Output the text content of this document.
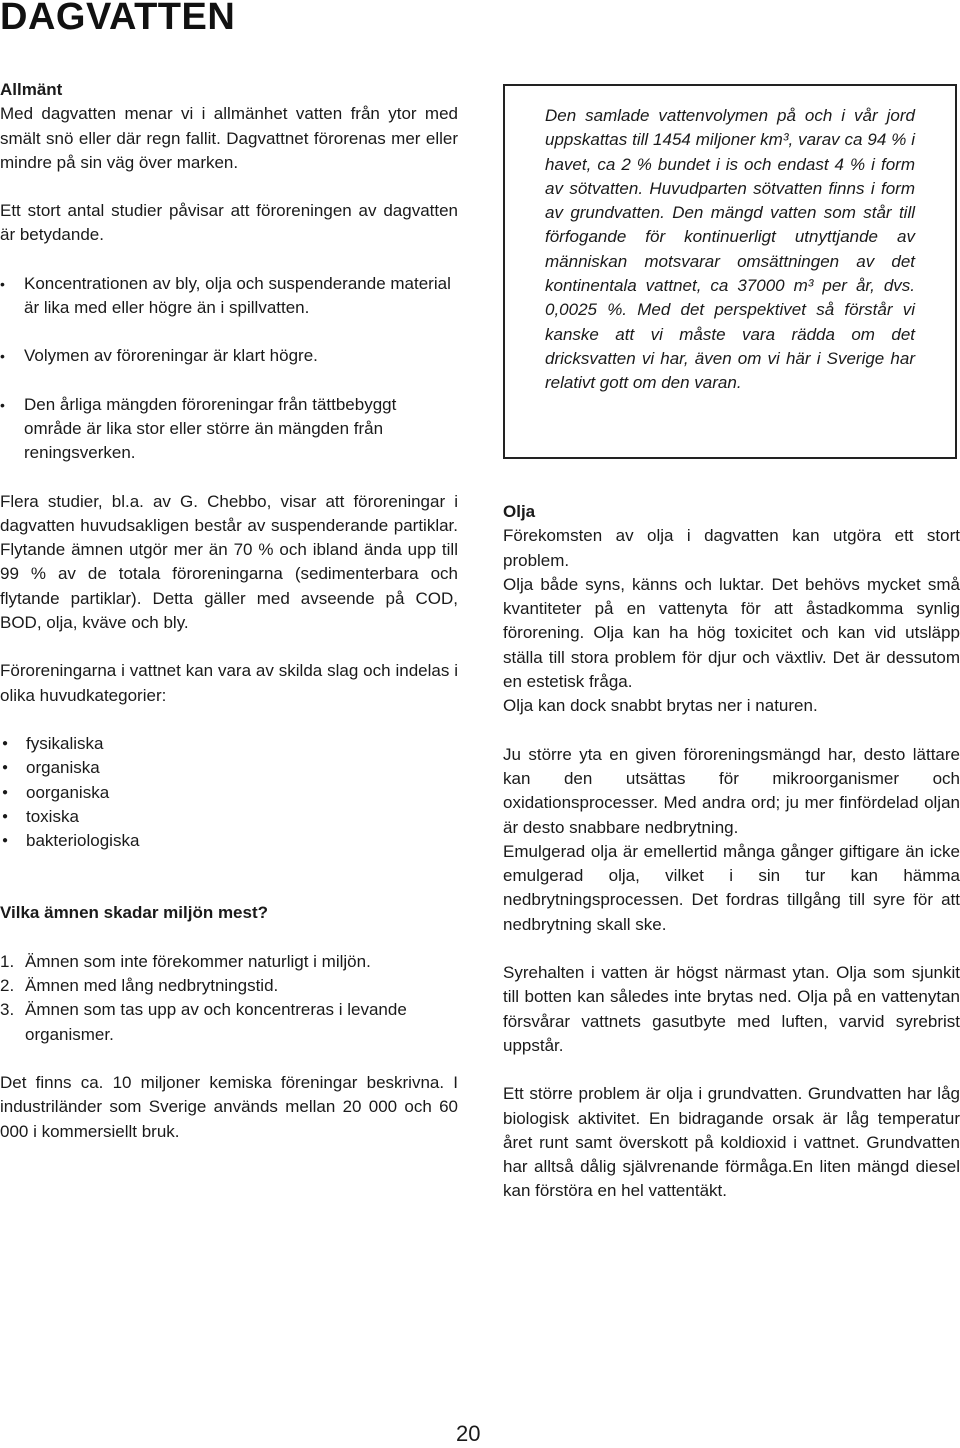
DAGVATTEN

Allmänt

Med dagvatten menar vi i allmänhet vatten från ytor med smält snö eller där regn fallit. Dagvattnet förorenas mer eller mindre på sin väg över marken.

Ett stort antal studier påvisar att föroreningen av dagvatten är betydande.

• Koncentrationen av bly, olja och suspenderande material är lika med eller högre än i spillvatten.
• Volymen av föroreningar är klart högre.
• Den årliga mängden föroreningar från tättbebyggt område är lika stor eller större än mängden från reningsverken.

Flera studier, bl.a. av G. Chebbo, visar att föroreningar i dagvatten huvudsakligen består av suspenderande partiklar. Flytande ämnen utgör mer än 70 % och ibland ända upp till 99 % av de totala föroreningarna (sedimenterbara och flytande partiklar). Detta gäller med avseende på COD, BOD, olja, kväve och bly.

Föroreningarna i vattnet kan vara av skilda slag och indelas i olika huvudkategorier:

● fysikaliska
● organiska
● oorganiska
● toxiska
● bakteriologiska

Vilka ämnen skadar miljön mest?

1. Ämnen som inte förekommer naturligt i miljön.
2. Ämnen med lång nedbrytningstid.
3. Ämnen som tas upp av och koncentreras i levande organismer.

Det finns ca. 10 miljoner kemiska föreningar beskrivna. I industriländer som Sverige används mellan 20 000 och 60 000 i kommersiellt bruk.

Den samlade vattenvolymen på och i vår jord uppskattas till 1454 miljoner km³, varav ca 94 % i havet, ca 2 % bundet i is och endast 4 % i form av sötvatten. Huvudparten sötvatten finns i form av grundvatten. Den mängd vatten som står till förfogande för kontinuerligt utnyttjande av människan motsvarar omsättningen av det kontinentala vattnet, ca 37000 m³ per år, dvs. 0,0025 %. Med det perspektivet så förstår vi kanske att vi måste vara rädda om det dricksvatten vi har, även om vi här i Sverige har relativt gott om den varan.

Olja

Förekomsten av olja i dagvatten kan utgöra ett stort problem.

Olja både syns, känns och luktar. Det behövs mycket små kvantiteter på en vattenyta för att åstadkomma synlig förorening. Olja kan ha hög toxicitet och kan vid utsläpp ställa till stora problem för djur och växtliv. Det är dessutom en estetisk fråga.

Olja kan dock snabbt brytas ner i naturen.

Ju större yta en given föroreningsmängd har, desto lättare kan den utsättas för mikroorganismer och oxidationsprocesser. Med andra ord; ju mer finfördelad oljan är desto snabbare nedbrytning.

Emulgerad olja är emellertid många gånger giftigare än icke emulgerad olja, vilket i sin tur kan hämma nedbrytningsprocessen. Det fordras tillgång till syre för att nedbrytning skall ske.

Syrehalten i vatten är högst närmast ytan. Olja som sjunkit till botten kan således inte brytas ned. Olja på en vattenytan försvårar vattnets gasutbyte med luften, varvid syrebrist uppstår.

Ett större problem är olja i grundvatten. Grundvatten har låg biologisk aktivitet. En bidragande orsak är låg temperatur året runt samt överskott på koldioxid i vattnet. Grundvatten har alltså dålig självrenande förmåga.En liten mängd diesel kan förstöra en hel vattentäkt.

20
